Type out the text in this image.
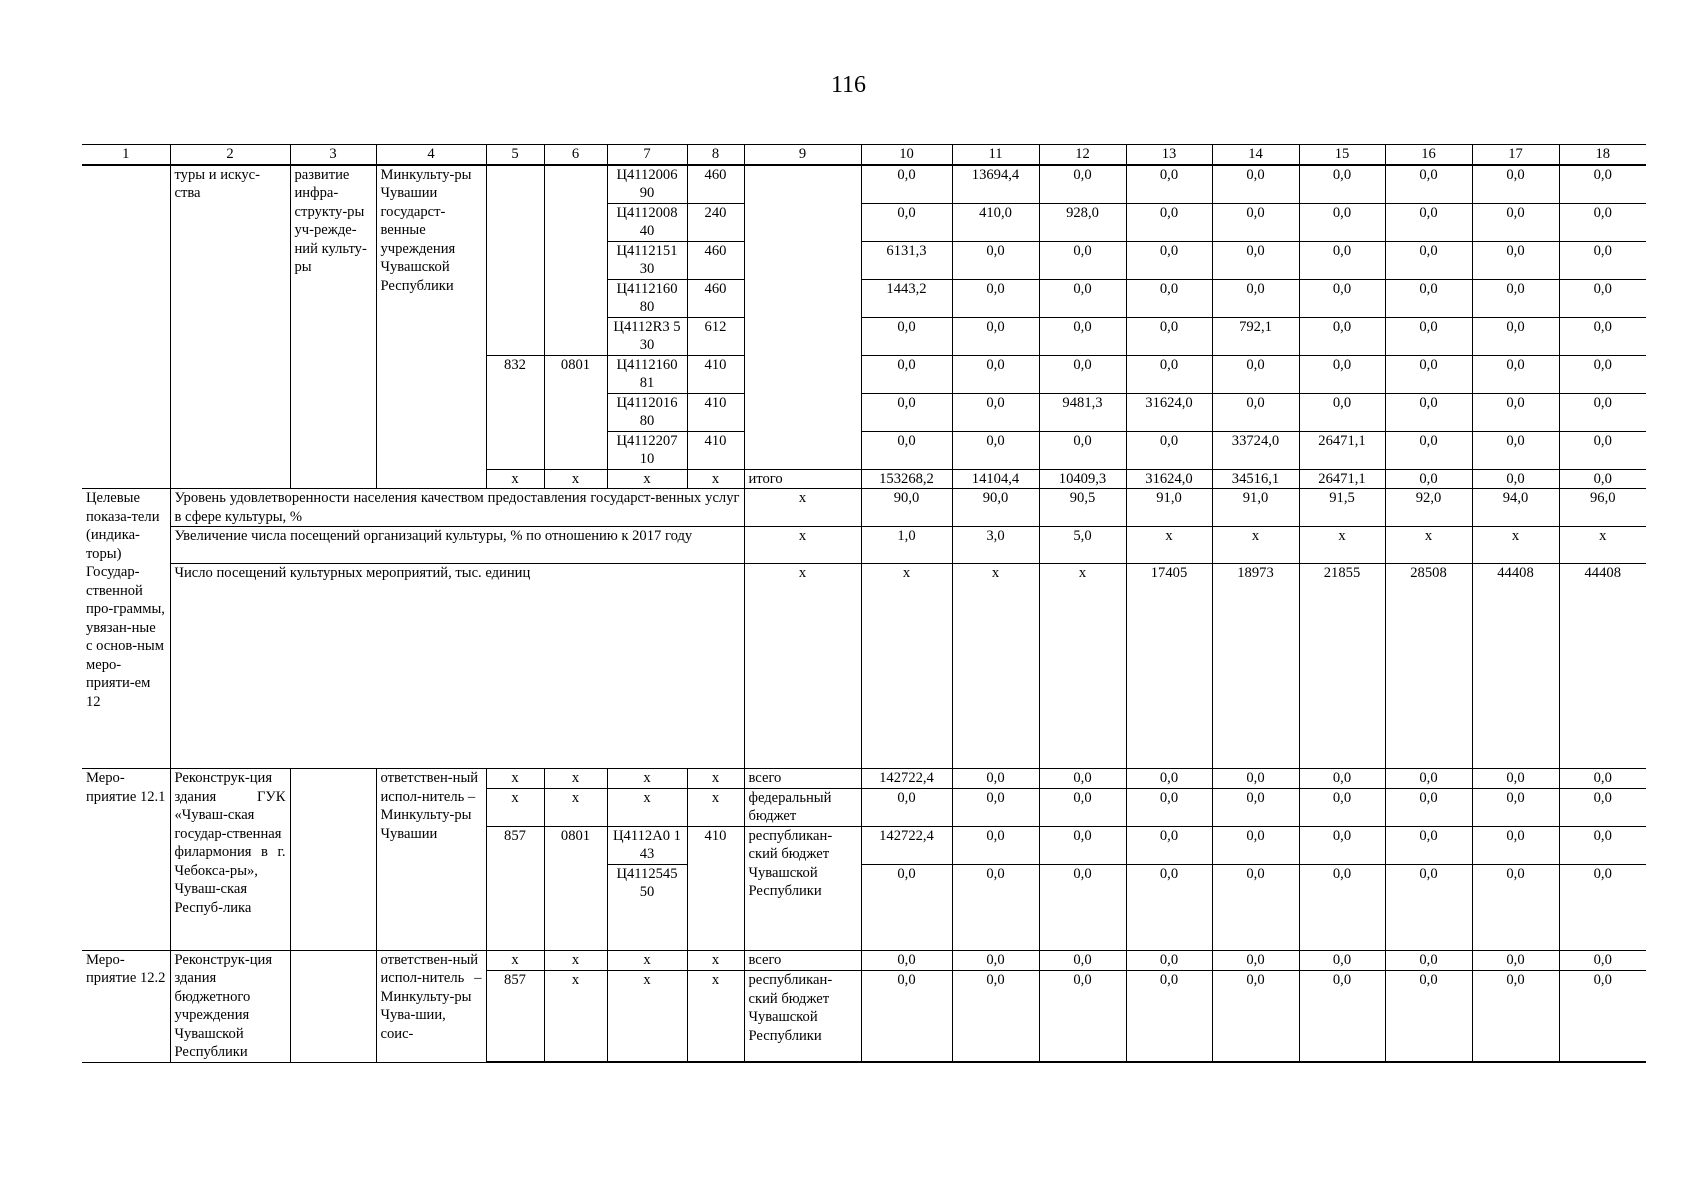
116
1	2	3	4	5	6	7	8	9	10	11	12	13	14	15	16	17	18
	туры и искус-ства	развитие инфра-структу-ры уч-режде-ний культу-ры	Минкульту-ры Чувашии государст-венные учреждения Чувашской Республики			Ц4112006 90	460		0,0	13694,4	0,0	0,0	0,0	0,0	0,0	0,0	0,0
						Ц4112008 40	240		0,0	410,0	928,0	0,0	0,0	0,0	0,0	0,0	0,0
						Ц4112151 30	460		6131,3	0,0	0,0	0,0	0,0	0,0	0,0	0,0	0,0
						Ц4112160 80	460		1443,2	0,0	0,0	0,0	0,0	0,0	0,0	0,0	0,0
						Ц4112R3 530	612		0,0	0,0	0,0	0,0	792,1	0,0	0,0	0,0	0,0
				832	0801	Ц4112160 81	410		0,0	0,0	0,0	0,0	0,0	0,0	0,0	0,0	0,0
						Ц4112016 80	410		0,0	0,0	9481,3	31624,0	0,0	0,0	0,0	0,0	0,0
						Ц4112207 10	410		0,0	0,0	0,0	0,0	33724,0	26471,1	0,0	0,0	0,0
				x	x	x	x	итого	153268,2	14104,4	10409,3	31624,0	34516,1	26471,1	0,0	0,0	0,0
Целевые показа-тели (индика-торы) Государ-ственной про-граммы, увязан-ные с основ-ным меро-прияти-ем 12	Уровень удовлетворенности населения качеством предоставления государст-венных услуг в сфере культуры, %							x	90,0	90,0	90,5	91,0	91,0	91,5	92,0	94,0	96,0
	Увеличение числа посещений организаций культуры, % по отношению к 2017 году							x	1,0	3,0	5,0	x	x	x	x	x	x
	Число посещений культурных мероприятий, тыс. единиц							x	x	x	x	17405	18973	21855	28508	44408	44408
Меро-приятие 12.1	Реконструк-ция здания ГУК «Чуваш-ская государ-ственная филармония в г. Чебокса-ры», Чуваш-ская Респуб-лика		ответствен-ный испол-нитель – Минкульту-ры Чувашии	x	x	x	x	всего	142722,4	0,0	0,0	0,0	0,0	0,0	0,0	0,0	0,0
				x	x	x	x	федеральный бюджет	0,0	0,0	0,0	0,0	0,0	0,0	0,0	0,0	0,0
				857	0801	Ц4112А0 143	410	республикан-ский бюджет Чувашской Республики	142722,4	0,0	0,0	0,0	0,0	0,0	0,0	0,0	0,0
						Ц4112545 50			0,0	0,0	0,0	0,0	0,0	0,0	0,0	0,0	0,0
Меро-приятие 12.2	Реконструк-ция здания бюджетного учреждения Чувашской Республики		ответствен-ный испол-нитель – Минкульту-ры Чува-шии, соис-	x	x	x	x	всего	0,0	0,0	0,0	0,0	0,0	0,0	0,0	0,0	0,0
				857	x	x	x	республикан-ский бюджет Чувашской Республики	0,0	0,0	0,0	0,0	0,0	0,0	0,0	0,0	0,0
